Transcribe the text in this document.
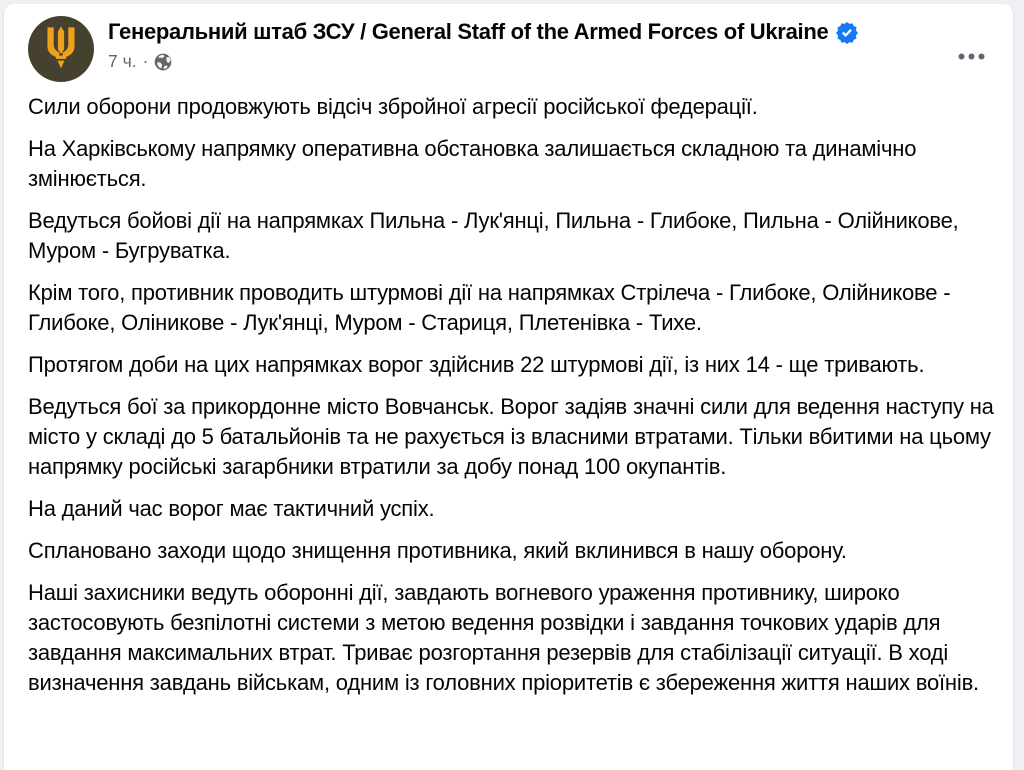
Генеральний штаб ЗСУ / General Staff of the Armed Forces of Ukraine
7 ч. ·

Сили оборони продовжують відсіч збройної агресії російської федерації.

На Харківському напрямку оперативна обстановка залишається складною та динамічно змінюється.

Ведуться бойові дії на напрямках Пильна - Лук'янці, Пильна - Глибоке, Пильна - Олійникове, Муром - Бугруватка.

Крім того, противник проводить штурмові дії на напрямках Стрілеча - Глибоке, Олійникове - Глибоке, Оліникове - Лук'янці, Муром - Стариця, Плетенівка - Тихе.

Протягом доби на цих напрямках ворог здійснив 22 штурмові дії, із них 14 - ще тривають.

Ведуться бої за прикордонне місто Вовчанськ. Ворог задіяв значні сили для ведення наступу на місто у складі до 5 батальйонів та не рахується із власними втратами. Тільки вбитими на цьому напрямку російські загарбники втратили за добу понад 100 окупантів.

На даний час ворог має тактичний успіх.

Сплановано заходи щодо знищення противника, який вклинився в нашу оборону.

Наші захисники ведуть оборонні дії, завдають вогневого ураження противнику, широко застосовують безпілотні системи з метою ведення розвідки і завдання точкових ударів для завдання максимальних втрат. Триває розгортання резервів для стабілізації ситуації. В ході визначення завдань військам, одним із головних пріоритетів є збереження життя наших воїнів.
